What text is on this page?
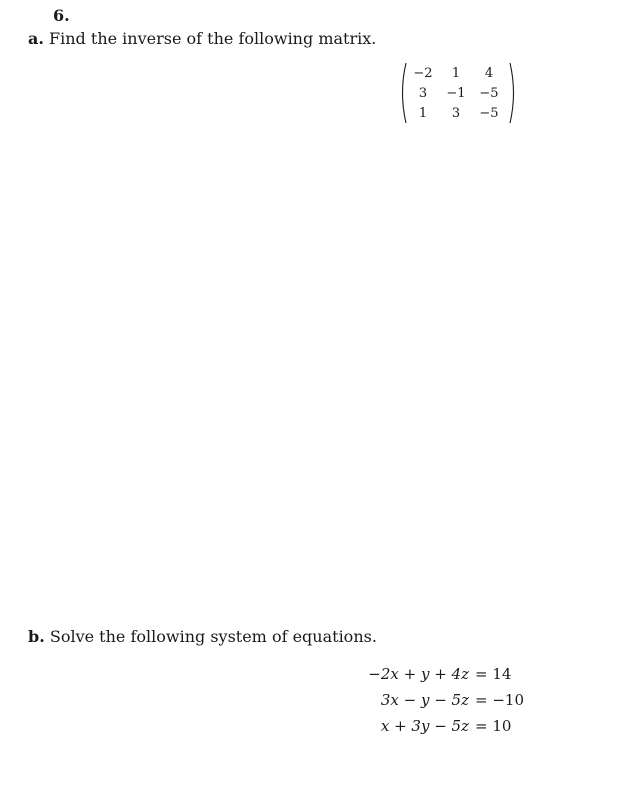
6.
a. Find the inverse of the following matrix.
−2	1	4
3	−1	−5
1	3	−5
b. Solve the following system of equations.
−2x + y + 4z = 14
3x − y − 5z = −10
x + 3y − 5z = 10
